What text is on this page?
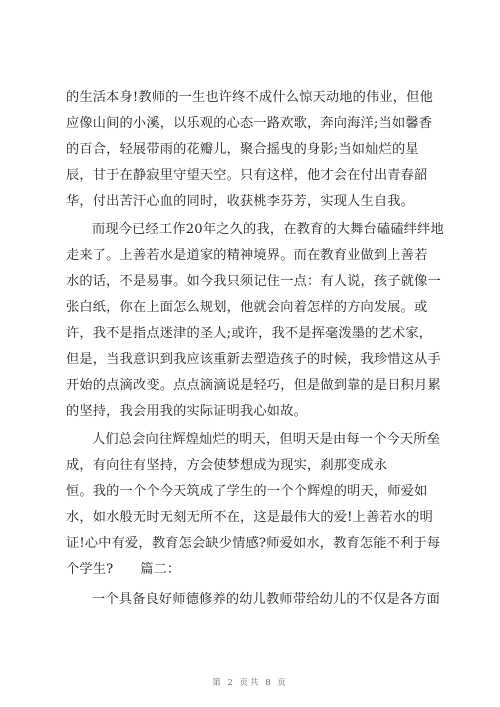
的生活本身!教师的一生也许终不成什么惊天动地的伟业，但他
应像山间的小溪，以乐观的心态一路欢歌，奔向海洋;当如馨香
的百合，轻展带雨的花瓣儿，聚合摇曳的身影;当如灿烂的星
辰，甘于在静寂里守望天空。只有这样，他才会在付出青春韶
华，付出苦汗心血的同时，收获桃李芬芳，实现人生自我。
而现今已经工作20年之久的我，在教育的大舞台磕磕绊绊地
走来了。上善若水是道家的精神境界。而在教育业做到上善若
水的话，不是易事。如今我只须记住一点：有人说，孩子就像一
张白纸，你在上面怎么规划，他就会向着怎样的方向发展。或
许，我不是指点迷津的圣人;或许，我不是挥毫泼墨的艺术家，
但是，当我意识到我应该重新去塑造孩子的时候，我珍惜这从手
开始的点滴改变。点点滴滴说是轻巧，但是做到靠的是日积月累
的坚持，我会用我的实际证明我心如故。
人们总会向往辉煌灿烂的明天，但明天是由每一个今天所垒
成，有向往有坚持，方会使梦想成为现实，刹那变成永
恒。我的一个个今天筑成了学生的一个个辉煌的明天，师爱如
水，如水般无时无刻无所不在，这是最伟大的爱!上善若水的明
证!心中有爱，教育怎会缺少情感?师爱如水，教育怎能不利于每
个学生?　　篇二：
一个具备良好师德修养的幼儿教师带给幼儿的不仅是各方面
第 2 页共 8 页
